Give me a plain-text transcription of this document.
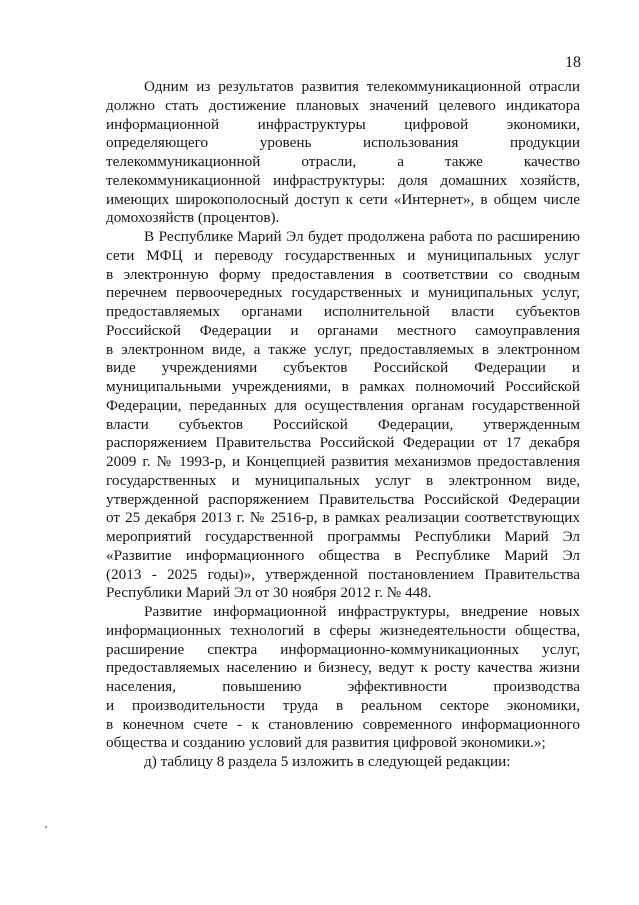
18
Одним из результатов развития телекоммуникационной отрасли
должно стать достижение плановых значений целевого индикатора
информационной инфраструктуры цифровой экономики,
определяющего уровень использования продукции
телекоммуникационной отрасли, а также качество
телекоммуникационной инфраструктуры: доля домашних хозяйств,
имеющих широкополосный доступ к сети «Интернет», в общем числе
домохозяйств (процентов).
В Республике Марий Эл будет продолжена работа по расширению
сети МФЦ и переводу государственных и муниципальных услуг
в электронную форму предоставления в соответствии со сводным
перечнем первоочередных государственных и муниципальных услуг,
предоставляемых органами исполнительной власти субъектов
Российской Федерации и органами местного самоуправления
в электронном виде, а также услуг, предоставляемых в электронном
виде учреждениями субъектов Российской Федерации и
муниципальными учреждениями, в рамках полномочий Российской
Федерации, переданных для осуществления органам государственной
власти субъектов Российской Федерации, утвержденным
распоряжением Правительства Российской Федерации от 17 декабря
2009 г. № 1993-р, и Концепцией развития механизмов предоставления
государственных и муниципальных услуг в электронном виде,
утвержденной распоряжением Правительства Российской Федерации
от 25 декабря 2013 г. № 2516-р, в рамках реализации соответствующих
мероприятий государственной программы Республики Марий Эл
«Развитие информационного общества в Республике Марий Эл
(2013 - 2025 годы)», утвержденной постановлением Правительства
Республики Марий Эл от 30 ноября 2012 г. № 448.
Развитие информационной инфраструктуры, внедрение новых
информационных технологий в сферы жизнедеятельности общества,
расширение спектра информационно-коммуникационных услуг,
предоставляемых населению и бизнесу, ведут к росту качества жизни
населения, повышению эффективности производства
и производительности труда в реальном секторе экономики,
в конечном счете - к становлению современного информационного
общества и созданию условий для развития цифровой экономики.»;
д) таблицу 8 раздела 5 изложить в следующей редакции:
